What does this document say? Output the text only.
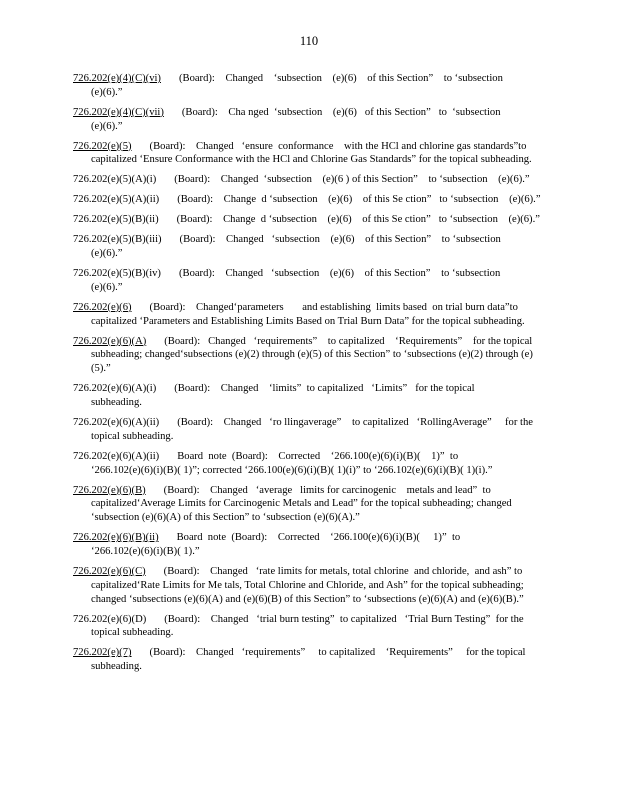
110
726.202(e)(4)(C)(vi) (Board):    Changed    ‘subsection    (e)(6)    of this Section”    to ‘subsection
(e)(6).”
726.202(e)(4)(C)(vii) (Board):    Cha nged  ‘subsection    (e)(6)   of this Section”   to  ‘subsection
(e)(6).”
726.202(e)(5) (Board):    Changed   ‘ensure  conformance    with the HCl and chlorine gas standards”to
capitalized ‘Ensure Conformance with the HCl and Chlorine Gas Standards” for the topical subheading.
726.202(e)(5)(A)(i) (Board):    Changed  ‘subsection    (e)(6 ) of this Section”    to ‘subsection    (e)(6).”
726.202(e)(5)(A)(ii) (Board):    Change  d ‘subsection    (e)(6)    of this Se ction”   to ‘subsection    (e)(6).”
726.202(e)(5)(B)(ii) (Board):    Change  d ‘subsection    (e)(6)    of this Se ction”   to ‘subsection    (e)(6).”
726.202(e)(5)(B)(iii) (Board):    Changed   ‘subsection    (e)(6)    of this Section”    to ‘subsection
(e)(6).”
726.202(e)(5)(B)(iv) (Board):    Changed   ‘subsection    (e)(6)    of this Section”    to ‘subsection
(e)(6).”
726.202(e)(6) (Board):    Changed‘parameters       and establishing  limits based  on trial burn data”to
capitalized ‘Parameters and Establishing Limits Based on Trial Burn Data” for the topical subheading.
726.202(e)(6)(A) (Board):   Changed   ‘requirements”    to capitalized    ‘Requirements”    for the topical
subheading; changed‘subsections (e)(2) through (e)(5) of this Section” to ‘subsections (e)(2) through (e)(5).”
726.202(e)(6)(A)(i) (Board):    Changed    ‘limits”  to capitalized   ‘Limits”   for the topical
subheading.
726.202(e)(6)(A)(ii) (Board):    Changed   ‘ro llingaverage”    to capitalized   ‘RollingAverage”     for the
topical subheading.
726.202(e)(6)(A)(ii) Board  note  (Board):    Corrected    ‘266.100(e)(6)(i)(B)(    1)”  to
‘266.102(e)(6)(i)(B)( 1)”; corrected ‘266.100(e)(6)(i)(B)( 1)(i)” to ‘266.102(e)(6)(i)(B)( 1)(i).”
726.202(e)(6)(B) (Board):    Changed   ‘average   limits for carcinogenic    metals and lead”  to
capitalized‘Average Limits for Carcinogenic Metals and Lead” for the topical subheading; changed ‘subsection (e)(6)(A) of this Section” to ‘subsection (e)(6)(A).”
726.202(e)(6)(B)(ii) Board  note  (Board):    Corrected    ‘266.100(e)(6)(i)(B)(     1)”  to
‘266.102(e)(6)(i)(B)( 1).”
726.202(e)(6)(C) (Board):    Changed   ‘rate limits for metals, total chlorine  and chloride,  and ash” to
capitalized‘Rate Limits for Me tals, Total Chlorine and Chloride, and Ash” for the topical subheading; changed ‘subsections (e)(6)(A) and (e)(6)(B) of this Section” to ‘subsections (e)(6)(A) and (e)(6)(B).”
726.202(e)(6)(D) (Board):    Changed   ‘trial burn testing”  to capitalized   ‘Trial Burn Testing”  for the
topical subheading.
726.202(e)(7) (Board):    Changed   ‘requirements”     to capitalized    ‘Requirements”     for the topical
subheading.
